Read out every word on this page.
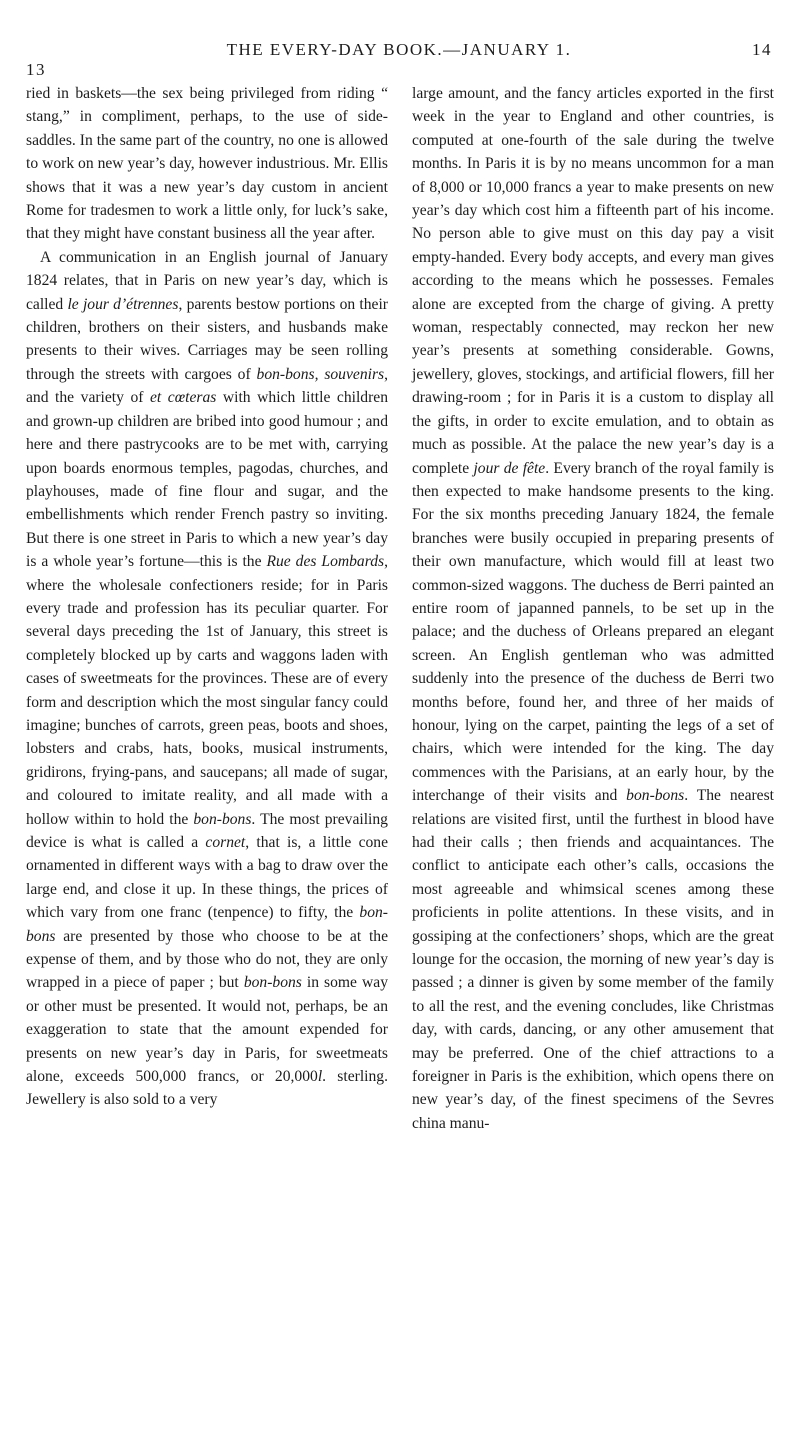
13
THE EVERY-DAY BOOK.—JANUARY 1.	14

ried in baskets—the sex being privileged from riding “ stang,” in compliment, perhaps, to the use of side-saddles. In the same part of the country, no one is allowed to work on new year’s day, however industrious. Mr. Ellis shows that it was a new year’s day custom in ancient Rome for tradesmen to work a little only, for luck’s sake, that they might have constant business all the year after.

A communication in an English journal of January 1824 relates, that in Paris on new year’s day, which is called le jour d’étrennes, parents bestow portions on their children, brothers on their sisters, and husbands make presents to their wives. Carriages may be seen rolling through the streets with cargoes of bon-bons, souvenirs, and the variety of et cœteras with which little children and grown-up children are bribed into good humour ; and here and there pastrycooks are to be met with, carrying upon boards enormous temples, pagodas, churches, and playhouses, made of fine flour and sugar, and the embellishments which render French pastry so inviting. But there is one street in Paris to which a new year’s day is a whole year’s fortune—this is the Rue des Lombards, where the wholesale confectioners reside; for in Paris every trade and profession has its peculiar quarter. For several days preceding the 1st of January, this street is completely blocked up by carts and waggons laden with cases of sweetmeats for the provinces. These are of every form and description which the most singular fancy could imagine; bunches of carrots, green peas, boots and shoes, lobsters and crabs, hats, books, musical instruments, gridirons, frying-pans, and saucepans; all made of sugar, and coloured to imitate reality, and all made with a hollow within to hold the bon-bons. The most prevailing device is what is called a cornet, that is, a little cone ornamented in different ways with a bag to draw over the large end, and close it up. In these things, the prices of which vary from one franc (tenpence) to fifty, the bon-bons are presented by those who choose to be at the expense of them, and by those who do not, they are only wrapped in a piece of paper ; but bon-bons in some way or other must be presented. It would not, perhaps, be an exaggeration to state that the amount expended for presents on new year’s day in Paris, for sweetmeats alone, exceeds 500,000 francs, or 20,000l. sterling. Jewellery is also sold to a very

large amount, and the fancy articles exported in the first week in the year to England and other countries, is computed at one-fourth of the sale during the twelve months. In Paris it is by no means uncommon for a man of 8,000 or 10,000 francs a year to make presents on new year’s day which cost him a fifteenth part of his income. No person able to give must on this day pay a visit empty-handed. Every body accepts, and every man gives according to the means which he possesses. Females alone are excepted from the charge of giving. A pretty woman, respectably connected, may reckon her new year’s presents at something considerable. Gowns, jewellery, gloves, stockings, and artificial flowers, fill her drawing-room ; for in Paris it is a custom to display all the gifts, in order to excite emulation, and to obtain as much as possible. At the palace the new year’s day is a complete jour de fête. Every branch of the royal family is then expected to make handsome presents to the king. For the six months preceding January 1824, the female branches were busily occupied in preparing presents of their own manufacture, which would fill at least two common-sized waggons. The duchess de Berri painted an entire room of japanned pannels, to be set up in the palace; and the duchess of Orleans prepared an elegant screen. An English gentleman who was admitted suddenly into the presence of the duchess de Berri two months before, found her, and three of her maids of honour, lying on the carpet, painting the legs of a set of chairs, which were intended for the king. The day commences with the Parisians, at an early hour, by the interchange of their visits and bon-bons. The nearest relations are visited first, until the furthest in blood have had their calls ; then friends and acquaintances. The conflict to anticipate each other’s calls, occasions the most agreeable and whimsical scenes among these proficients in polite attentions. In these visits, and in gossiping at the confectioners’ shops, which are the great lounge for the occasion, the morning of new year’s day is passed ; a dinner is given by some member of the family to all the rest, and the evening concludes, like Christmas day, with cards, dancing, or any other amusement that may be preferred. One of the chief attractions to a foreigner in Paris is the exhibition, which opens there on new year’s day, of the finest specimens of the Sevres china manu-
